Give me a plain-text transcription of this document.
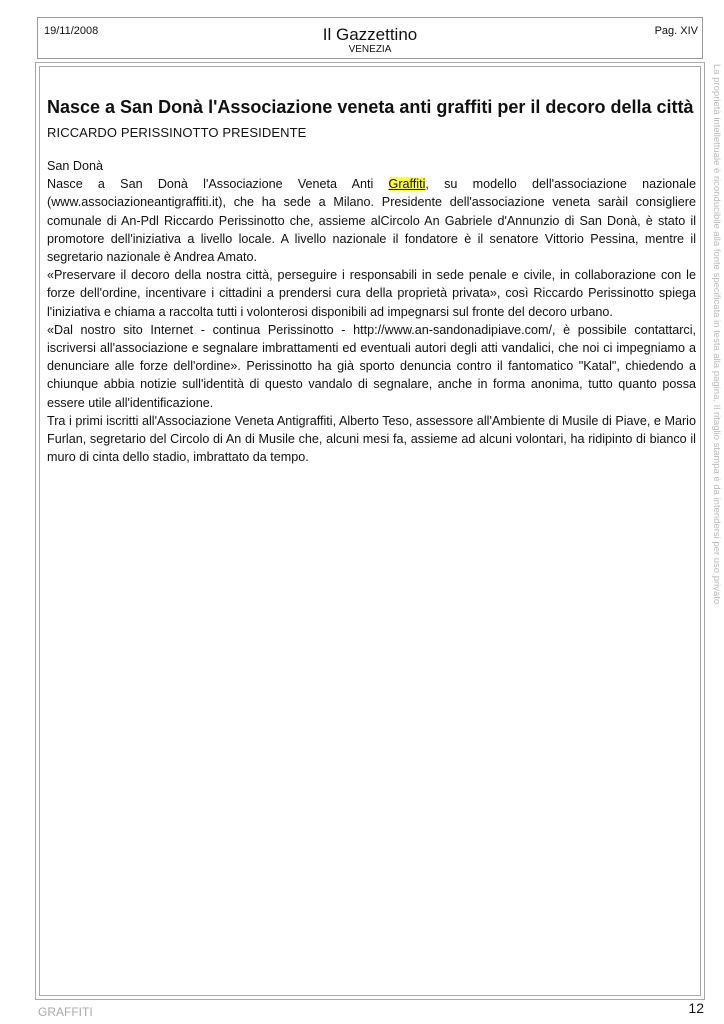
19/11/2008	Il Gazzettino
VENEZIA
Pag. XIV
Nasce a San Donà l'Associazione veneta anti graffiti per il decoro della città
RICCARDO PERISSINOTTO PRESIDENTE

San Donà

Nasce a San Donà l'Associazione Veneta Anti Graffiti, su modello dell'associazione nazionale (www.associazioneantigraffiti.it), che ha sede a Milano. Presidente dell'associazione veneta saràil consigliere comunale di An-Pdl Riccardo Perissinotto che, assieme alCircolo An Gabriele d'Annunzio di San Donà, è stato il promotore dell'iniziativa a livello locale. A livello nazionale il fondatore è il senatore Vittorio Pessina, mentre il segretario nazionale è Andrea Amato.

«Preservare il decoro della nostra città, perseguire i responsabili in sede penale e civile, in collaborazione con le forze dell'ordine, incentivare i cittadini a prendersi cura della proprietà privata», così Riccardo Perissinotto spiega l'iniziativa e chiama a raccolta tutti i volonterosi disponibili ad impegnarsi sul fronte del decoro urbano.

«Dal nostro sito Internet - continua Perissinotto - http://www.an-sandonadipiave.com/, è possibile contattarci, iscriversi all'associazione e segnalare imbrattamenti ed eventuali autori degli atti vandalici, che noi ci impegniamo a denunciare alle forze dell'ordine». Perissinotto ha già sporto denuncia contro il fantomatico "Katal", chiedendo a chiunque abbia notizie sull'identità di questo vandalo di segnalare, anche in forma anonima, tutto quanto possa essere utile all'identificazione.

Tra i primi iscritti all'Associazione Veneta Antigraffiti, Alberto Teso, assessore all'Ambiente di Musile di Piave, e Mario Furlan, segretario del Circolo di An di Musile che, alcuni mesi fa, assieme ad alcuni volontari, ha ridipinto di bianco il muro di cinta dello stadio, imbrattato da tempo.	La proprietà intellettuale è riconducibile alla fonte specificata in testa alla pagina. Il ritaglio stampa è da intendersi per uso privato
GRAFFITI	12
